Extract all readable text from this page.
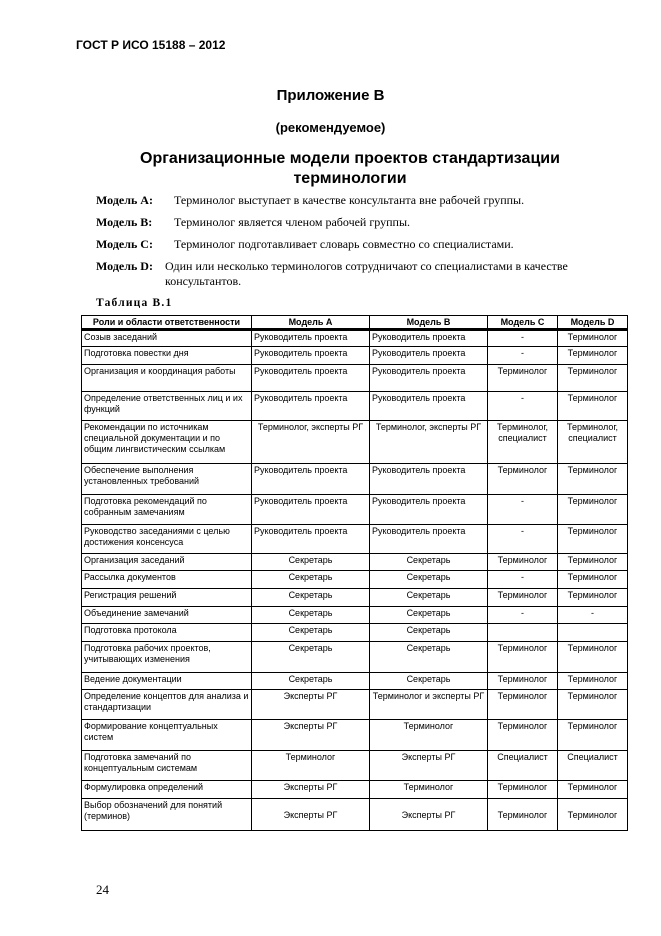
ГОСТ Р ИСО 15188 – 2012
Приложение В
(рекомендуемое)
Организационные модели проектов стандартизации терминологии
Модель А:	Терминолог выступает в качестве консультанта вне рабочей группы.
Модель В:	Терминолог является членом рабочей группы.
Модель С:	Терминолог подготавливает словарь совместно со специалистами.
Модель D:	Один или несколько терминологов сотрудничают со специалистами в качестве консультантов.
Таблица В.1
Роли и области ответственности	Модель А	Модель В	Модель С	Модель D
Созыв заседаний	Руководитель проекта	Руководитель проекта	-	Терминолог
Подготовка повестки дня	Руководитель проекта	Руководитель проекта	-	Терминолог
Организация и координация работы	Руководитель проекта	Руководитель проекта	Терминолог	Терминолог
Определение ответственных лиц и их функций	Руководитель проекта	Руководитель проекта	-	Терминолог
Рекомендации по источникам специальной документации и по общим лингвистическим ссылкам	Терминолог, эксперты РГ	Терминолог, эксперты РГ	Терминолог, специалист	Терминолог, специалист
Обеспечение выполнения установленных требований	Руководитель проекта	Руководитель проекта	Терминолог	Терминолог
Подготовка рекомендаций по собранным замечаниям	Руководитель проекта	Руководитель проекта	-	Терминолог
Руководство заседаниями с целью достижения консенсуса	Руководитель проекта	Руководитель проекта	-	Терминолог
Организация заседаний	Секретарь	Секретарь	Терминолог	Терминолог
Рассылка документов	Секретарь	Секретарь	-	Терминолог
Регистрация решений	Секретарь	Секретарь	Терминолог	Терминолог
Объединение замечаний	Секретарь	Секретарь	-	-
Подготовка протокола	Секретарь	Секретарь		
Подготовка рабочих проектов, учитывающих изменения	Секретарь	Секретарь	Терминолог	Терминолог
Ведение документации	Секретарь	Секретарь	Терминолог	Терминолог
Определение концептов для анализа и стандартизации	Эксперты РГ	Терминолог и эксперты РГ	Терминолог	Терминолог
Формирование концептуальных систем	Эксперты РГ	Терминолог	Терминолог	Терминолог
Подготовка замечаний по концептуальным системам	Терминолог	Эксперты РГ	Специалист	Специалист
Формулировка определений	Эксперты РГ	Терминолог	Терминолог	Терминолог
Выбор обозначений для понятий (терминов)	Эксперты РГ	Эксперты РГ	Терминолог	Терминолог
24
